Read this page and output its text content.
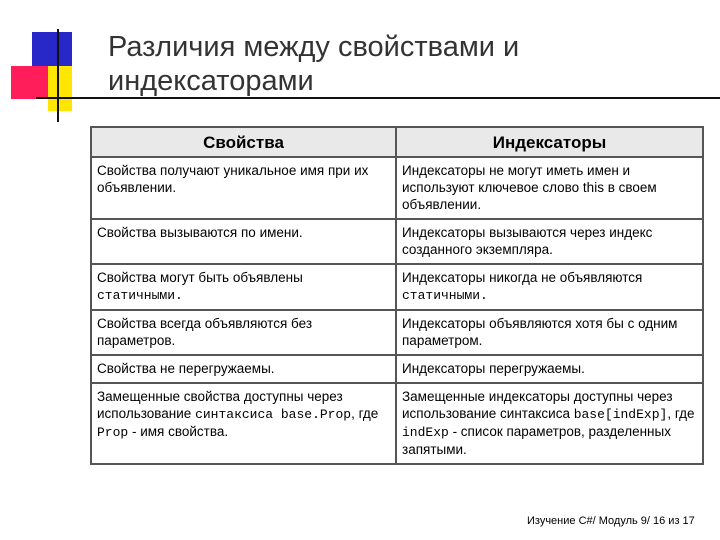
Различия между свойствами и
индексаторами
Свойства	Индексаторы
Свойства получают уникальное имя при их объявлении.	Индексаторы не могут иметь имен и используют ключевое слово this в своем объявлении.
Свойства вызываются по имени.	Индексаторы вызываются через индекс созданного экземпляра.
Свойства могут быть объявлены статичными.	Индексаторы никогда не объявляются статичными.
Свойства всегда объявляются без параметров.	Индексаторы объявляются хотя бы с одним параметром.
Свойства не перегружаемы.	Индексаторы перегружаемы.
Замещенные свойства доступны через использование синтаксиса base.Prop, где Prop - имя свойства.	Замещенные индексаторы доступны через использование синтаксиса base[indExp], где indExp - список параметров, разделенных запятыми.
Изучение C#/ Модуль 9/ 16 из 17
